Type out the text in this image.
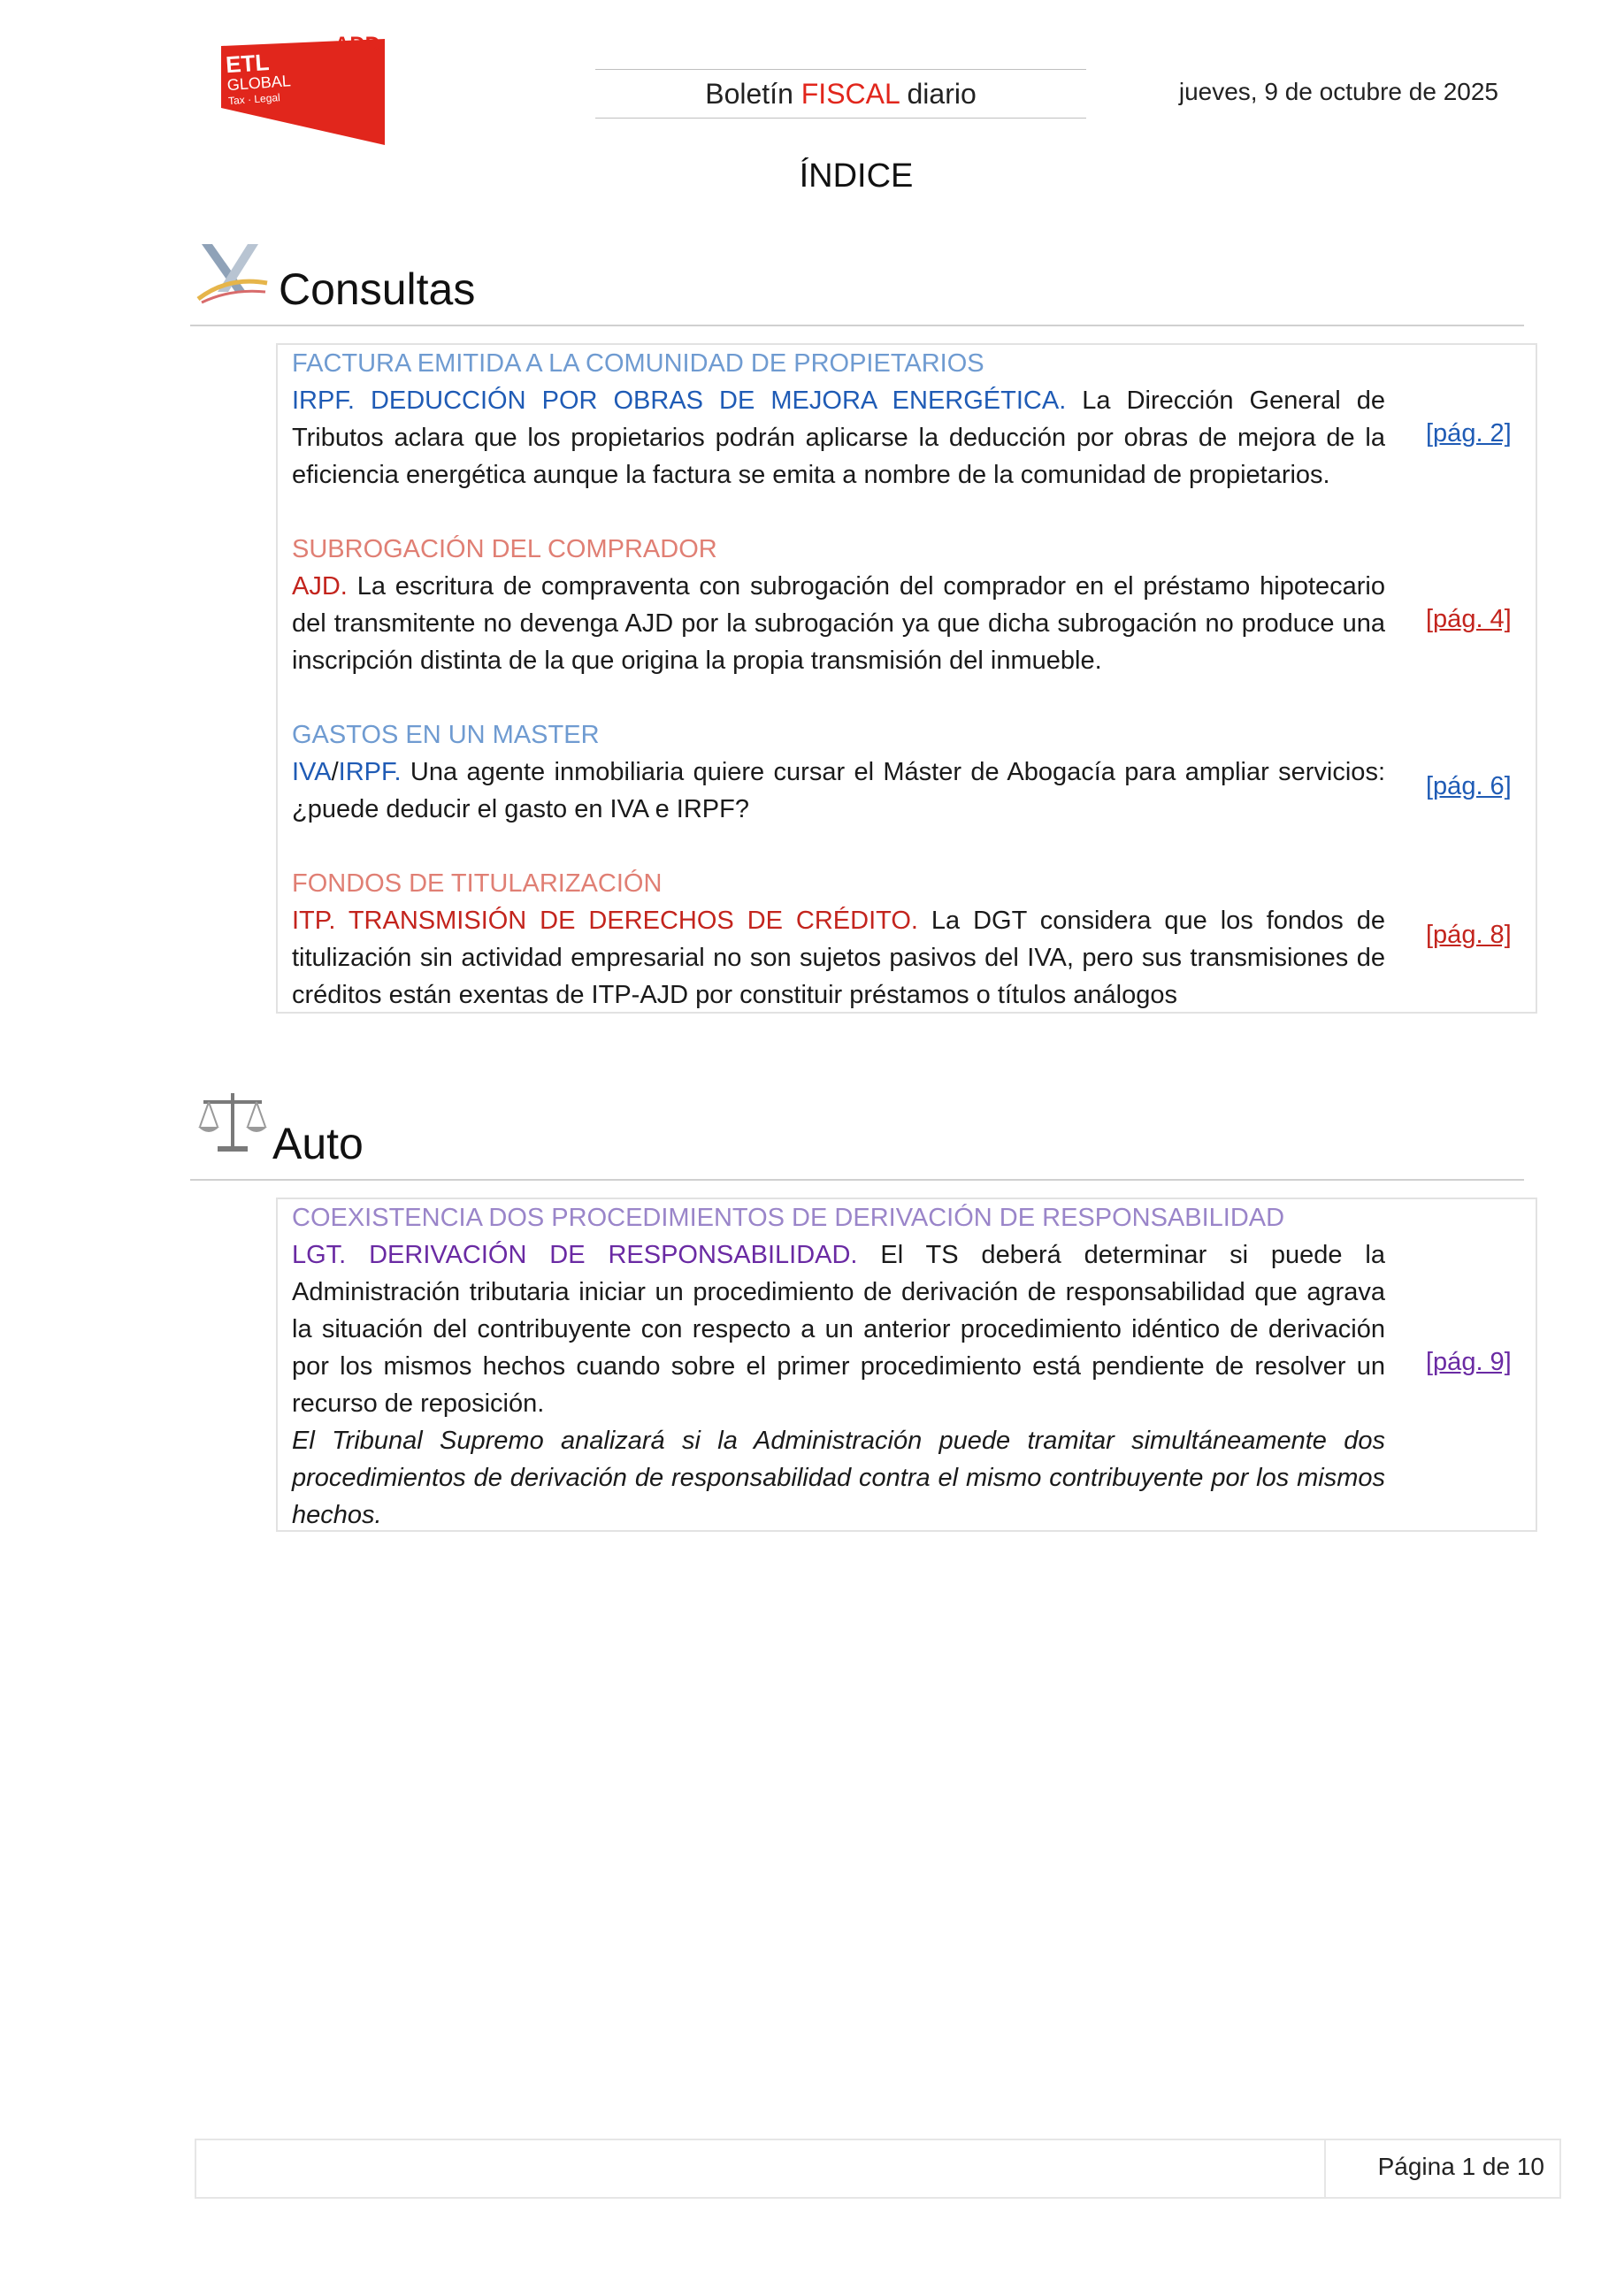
ADD
ETL
GLOBAL
Tax · Legal	Boletín FISCAL diario	jueves, 9 de octubre de 2025
ÍNDICE
Consultas
FACTURA EMITIDA A LA COMUNIDAD DE PROPIETARIOS
IRPF. DEDUCCIÓN POR OBRAS DE MEJORA ENERGÉTICA. La Dirección General de Tributos aclara que los propietarios podrán aplicarse la deducción por obras de mejora de la eficiencia energética aunque la factura se emita a nombre de la comunidad de propietarios.
[pág. 2]
SUBROGACIÓN DEL COMPRADOR
AJD. La escritura de compraventa con subrogación del comprador en el préstamo hipotecario del transmitente no devenga AJD por la subrogación ya que dicha subrogación no produce una inscripción distinta de la que origina la propia transmisión del inmueble.
[pág. 4]
GASTOS EN UN MASTER
IVA/IRPF. Una agente inmobiliaria quiere cursar el Máster de Abogacía para ampliar servicios: ¿puede deducir el gasto en IVA e IRPF?
[pág. 6]
FONDOS DE TITULARIZACIÓN
ITP. TRANSMISIÓN DE DERECHOS DE CRÉDITO. La DGT considera que los fondos de titulización sin actividad empresarial no son sujetos pasivos del IVA, pero sus transmisiones de créditos están exentas de ITP-AJD por constituir préstamos o títulos análogos
[pág. 8]
Auto
COEXISTENCIA DOS PROCEDIMIENTOS DE DERIVACIÓN DE RESPONSABILIDAD
LGT. DERIVACIÓN DE RESPONSABILIDAD. El TS deberá determinar si puede la Administración tributaria iniciar un procedimiento de derivación de responsabilidad que agrava la situación del contribuyente con respecto a un anterior procedimiento idéntico de derivación por los mismos hechos cuando sobre el primer procedimiento está pendiente de resolver un recurso de reposición.
El Tribunal Supremo analizará si la Administración puede tramitar simultáneamente dos procedimientos de derivación de responsabilidad contra el mismo contribuyente por los mismos hechos.
[pág. 9]
Página 1 de 10
